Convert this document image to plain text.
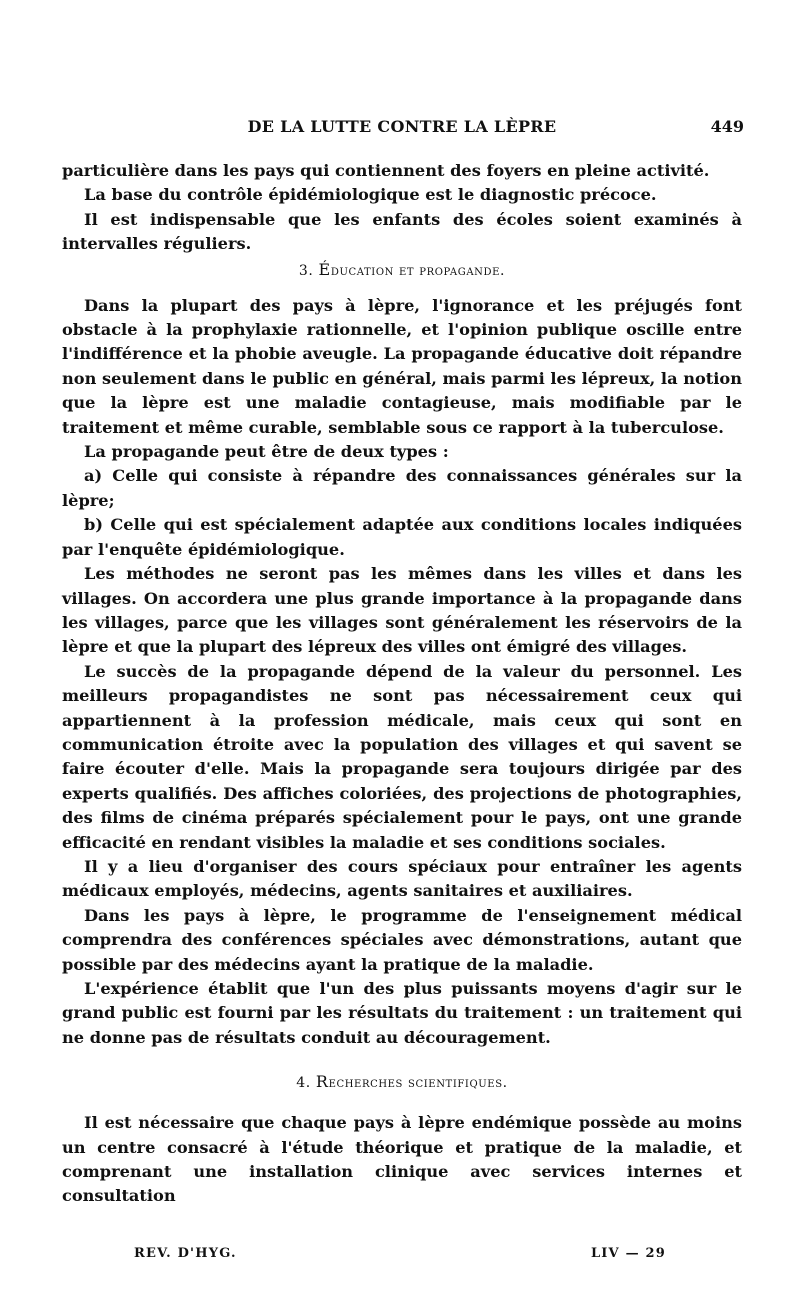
DE LA LUTTE CONTRE LA LÈPRE	449

particulière dans les pays qui contiennent des foyers en pleine activité.

La base du contrôle épidémiologique est le diagnostic précoce.

Il est indispensable que les enfants des écoles soient examinés à intervalles réguliers.

3. Éducation et propagande.

Dans la plupart des pays à lèpre, l'ignorance et les préjugés font obstacle à la prophylaxie rationnelle, et l'opinion publique oscille entre l'indifférence et la phobie aveugle. La propagande éducative doit répandre non seulement dans le public en général, mais parmi les lépreux, la notion que la lèpre est une maladie contagieuse, mais modifiable par le traitement et même curable, semblable sous ce rapport à la tuberculose.

La propagande peut être de deux types :

a) Celle qui consiste à répandre des connaissances générales sur la lèpre;

b) Celle qui est spécialement adaptée aux conditions locales indiquées par l'enquête épidémiologique.

Les méthodes ne seront pas les mêmes dans les villes et dans les villages. On accordera une plus grande importance à la propagande dans les villages, parce que les villages sont généralement les réservoirs de la lèpre et que la plupart des lépreux des villes ont émigré des villages.

Le succès de la propagande dépend de la valeur du personnel. Les meilleurs propagandistes ne sont pas nécessairement ceux qui appartiennent à la profession médicale, mais ceux qui sont en communication étroite avec la population des villages et qui savent se faire écouter d'elle. Mais la propagande sera toujours dirigée par des experts qualifiés. Des affiches coloriées, des projections de photographies, des films de cinéma préparés spécialement pour le pays, ont une grande efficacité en rendant visibles la maladie et ses conditions sociales.

Il y a lieu d'organiser des cours spéciaux pour entraîner les agents médicaux employés, médecins, agents sanitaires et auxiliaires.

Dans les pays à lèpre, le programme de l'enseignement médical comprendra des conférences spéciales avec démonstrations, autant que possible par des médecins ayant la pratique de la maladie.

L'expérience établit que l'un des plus puissants moyens d'agir sur le grand public est fourni par les résultats du traitement : un traitement qui ne donne pas de résultats conduit au découragement.

4. Recherches scientifiques.

Il est nécessaire que chaque pays à lèpre endémique possède au moins un centre consacré à l'étude théorique et pratique de la maladie, et comprenant une installation clinique avec services internes et consultation

REV. D'HYG.	LIV — 29
